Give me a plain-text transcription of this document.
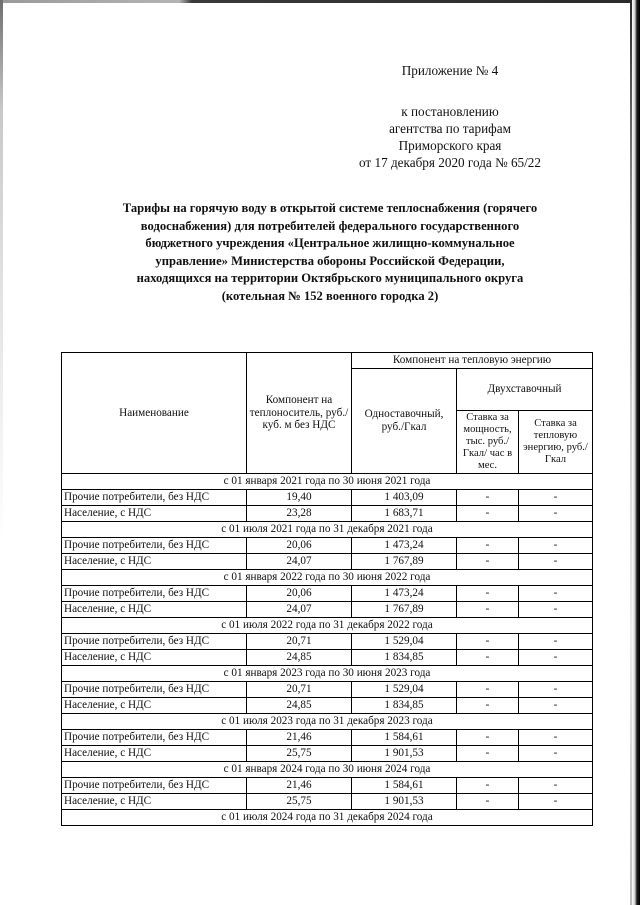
Приложение № 4
к постановлению
агентства по тарифам
Приморского края
от 17 декабря 2020 года № 65/22
Тарифы на горячую воду в открытой системе теплоснабжения (горячего водоснабжения) для потребителей федерального государственного бюджетного учреждения «Центральное жилищно-коммунальное управление» Министерства обороны Российской Федерации, находящихся на территории Октябрьского муниципального округа (котельная № 152 военного городка 2)
Наименование	Компонент на теплоноситель, руб./куб. м без НДС	Компонент на тепловую энергию		
		Одноставочный, руб./Гкал	Двухставочный	
			Ставка за мощность, тыс. руб./Гкал/ час в мес.	Ставка за тепловую энергию, руб./Гкал
с 01 января 2021 года по 30 июня 2021 года				
Прочие потребители, без НДС	19,40	1 403,09	-	-
Население, с НДС	23,28	1 683,71	-	-
с 01 июля 2021 года по 31 декабря 2021 года				
Прочие потребители, без НДС	20,06	1 473,24	-	-
Население, с НДС	24,07	1 767,89	-	-
с 01 января 2022 года по 30 июня 2022 года				
Прочие потребители, без НДС	20,06	1 473,24	-	-
Население, с НДС	24,07	1 767,89	-	-
с 01 июля 2022 года по 31 декабря 2022 года				
Прочие потребители, без НДС	20,71	1 529,04	-	-
Население, с НДС	24,85	1 834,85	-	-
с 01 января 2023 года по 30 июня 2023 года				
Прочие потребители, без НДС	20,71	1 529,04	-	-
Население, с НДС	24,85	1 834,85	-	-
с 01 июля 2023 года по 31 декабря 2023 года				
Прочие потребители, без НДС	21,46	1 584,61	-	-
Население, с НДС	25,75	1 901,53	-	-
с 01 января 2024 года по 30 июня 2024 года				
Прочие потребители, без НДС	21,46	1 584,61	-	-
Население, с НДС	25,75	1 901,53	-	-
с 01 июля 2024 года по 31 декабря 2024 года				
